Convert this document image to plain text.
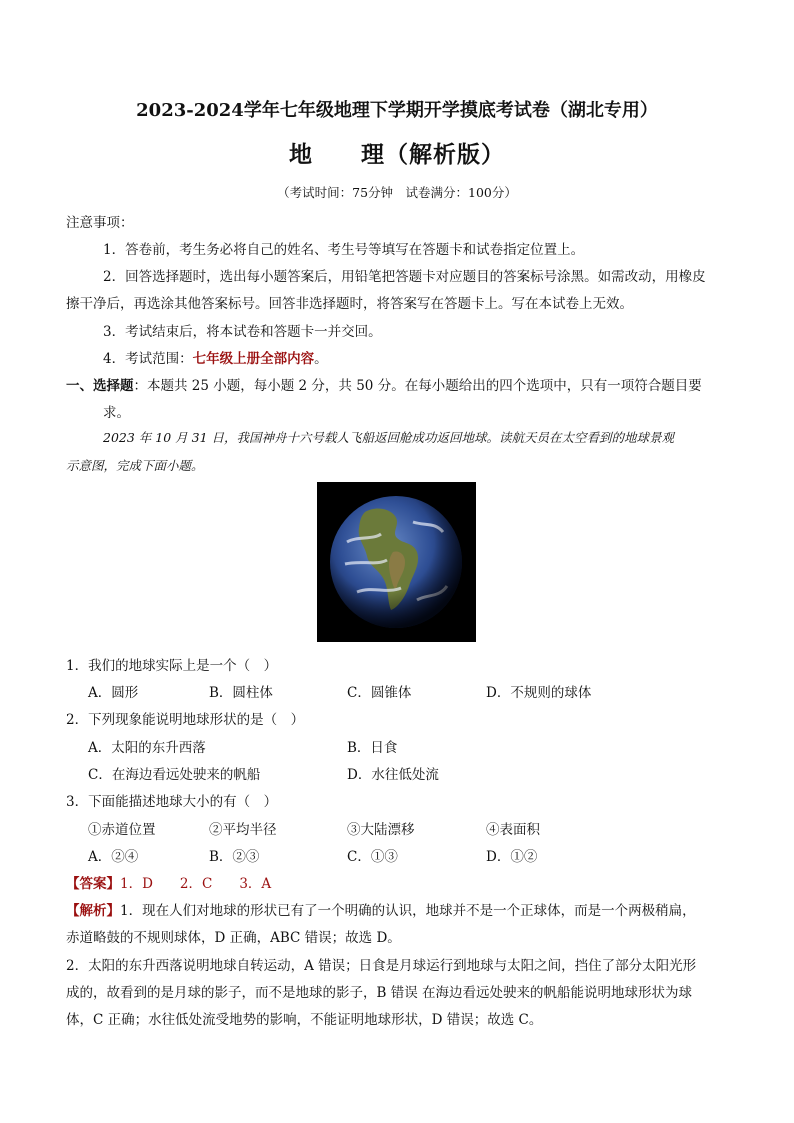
2023-2024学年七年级地理下学期开学摸底考试卷（湖北专用）
地　　理（解析版）
（考试时间：75分钟　试卷满分：100分）
注意事项：
1．答卷前，考生务必将自己的姓名、考生号等填写在答题卡和试卷指定位置上。
2．回答选择题时，选出每小题答案后，用铅笔把答题卡对应题目的答案标号涂黑。如需改动，用橡皮
擦干净后，再选涂其他答案标号。回答非选择题时，将答案写在答题卡上。写在本试卷上无效。
3．考试结束后，将本试卷和答题卡一并交回。
4．考试范围：七年级上册全部内容。
一、选择题：本题共 25 小题，每小题 2 分，共 50 分。在每小题给出的四个选项中，只有一项符合题目要
求。
2023 年 10 月 31 日，我国神舟十六号载人飞船返回舱成功返回地球。读航天员在太空看到的地球景观
示意图，完成下面小题。
1．我们的地球实际上是一个（　）
A．圆形	B．圆柱体	C．圆锥体	D．不规则的球体
2．下列现象能说明地球形状的是（　）
A．太阳的东升西落	B．日食
C．在海边看远处驶来的帆船	D．水往低处流
3．下面能描述地球大小的有（　）
①赤道位置	②平均半径	③大陆漂移	④表面积
A．②④	B．②③	C．①③	D．①②
【答案】1．D　　2．C　　3．A
【解析】1．现在人们对地球的形状已有了一个明确的认识，地球并不是一个正球体，而是一个两极稍扁，
赤道略鼓的不规则球体，D 正确，ABC 错误；故选 D。
2．太阳的东升西落说明地球自转运动，A 错误；日食是月球运行到地球与太阳之间，挡住了部分太阳光形
成的，故看到的是月球的影子，而不是地球的影子，B 错误 在海边看远处驶来的帆船能说明地球形状为球
体，C 正确；水往低处流受地势的影响，不能证明地球形状，D 错误；故选 C。
